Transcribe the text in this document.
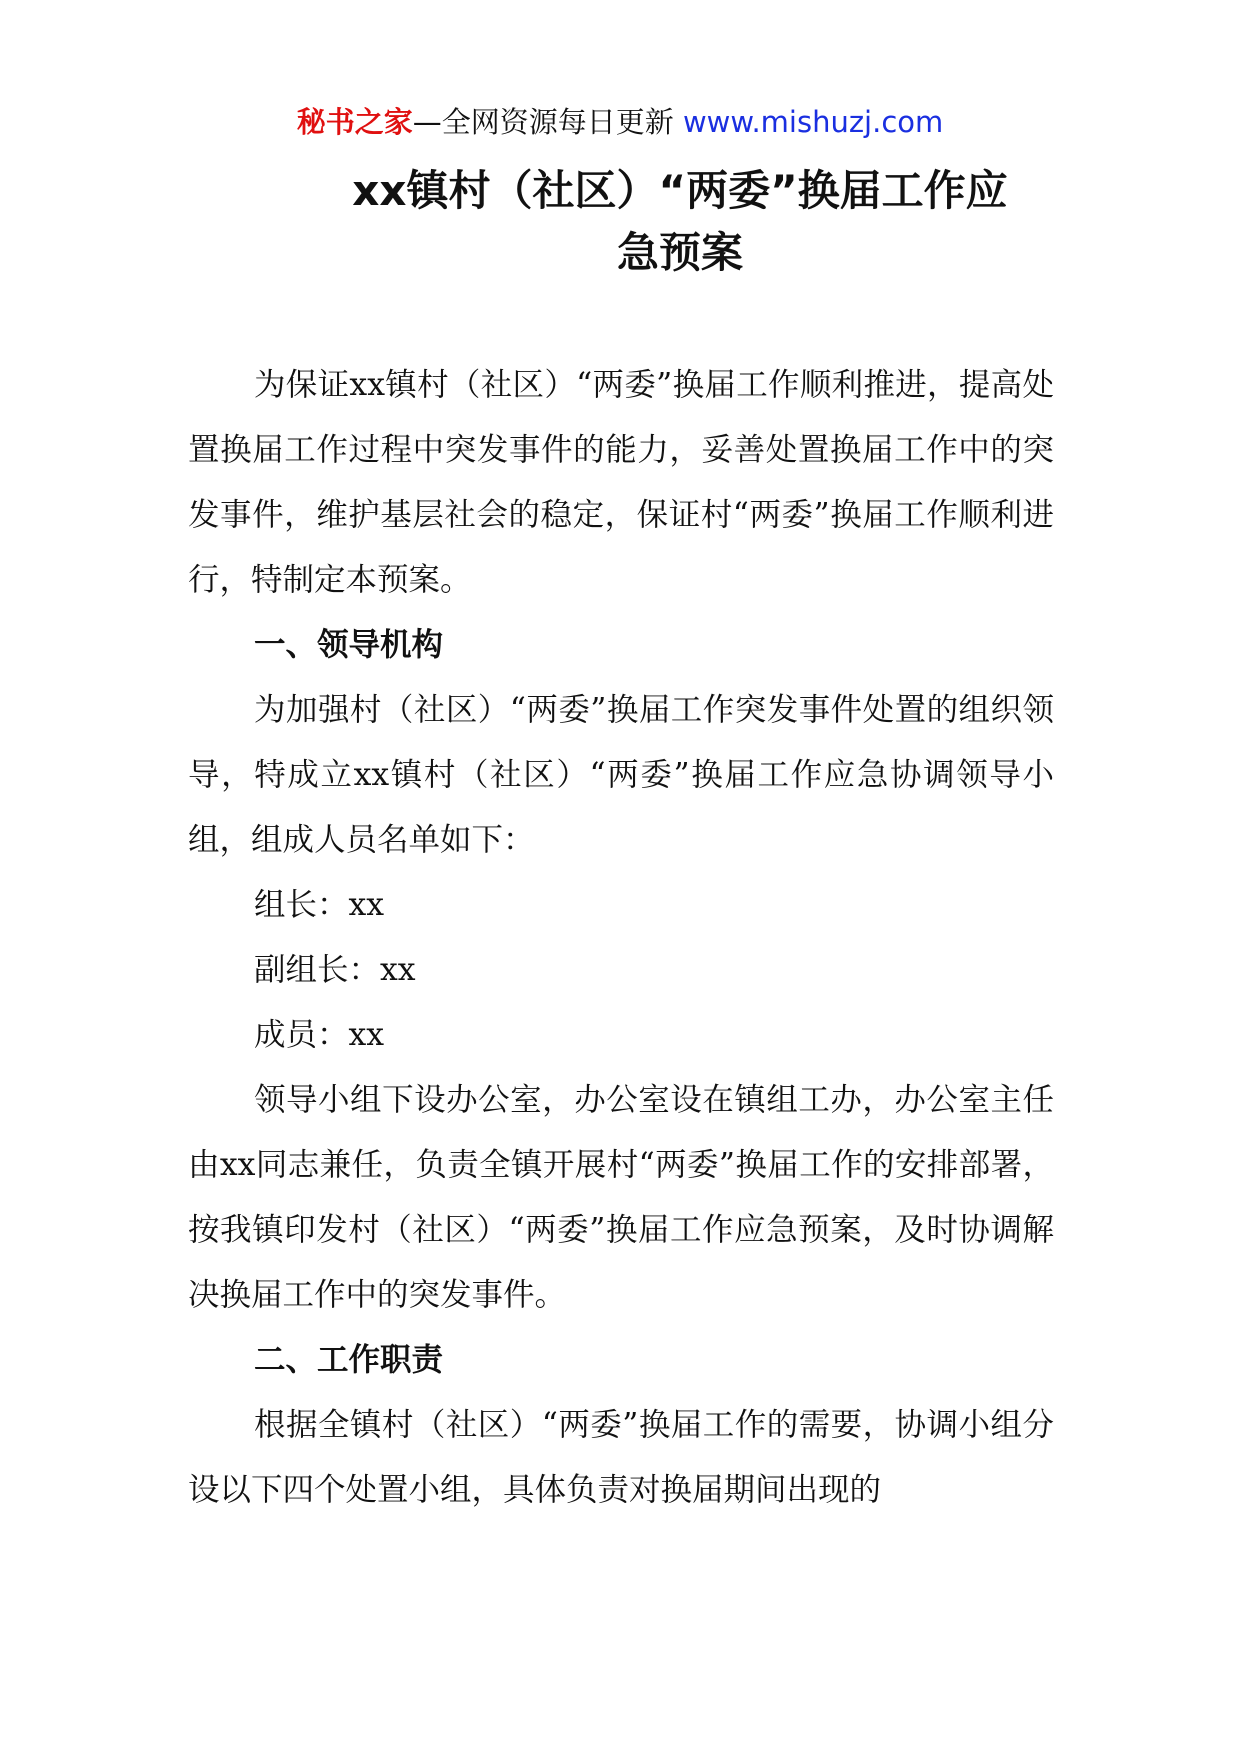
秘书之家—全网资源每日更新 www.mishuzj.com
xx镇村（社区）“两委”换届工作应
急预案

为保证xx镇村（社区）“两委”换届工作顺利推进，提高处置换届工作过程中突发事件的能力，妥善处置换届工作中的突发事件，维护基层社会的稳定，保证村“两委”换届工作顺利进行，特制定本预案。

一、领导机构

为加强村（社区）“两委”换届工作突发事件处置的组织领导，特成立xx镇村（社区）“两委”换届工作应急协调领导小组，组成人员名单如下：

组长：xx

副组长：xx

成员：xx

领导小组下设办公室，办公室设在镇组工办，办公室主任由xx同志兼任，负责全镇开展村“两委”换届工作的安排部署，按我镇印发村（社区）“两委”换届工作应急预案，及时协调解决换届工作中的突发事件。

二、工作职责

根据全镇村（社区）“两委”换届工作的需要，协调小组分设以下四个处置小组，具体负责对换届期间出现的
